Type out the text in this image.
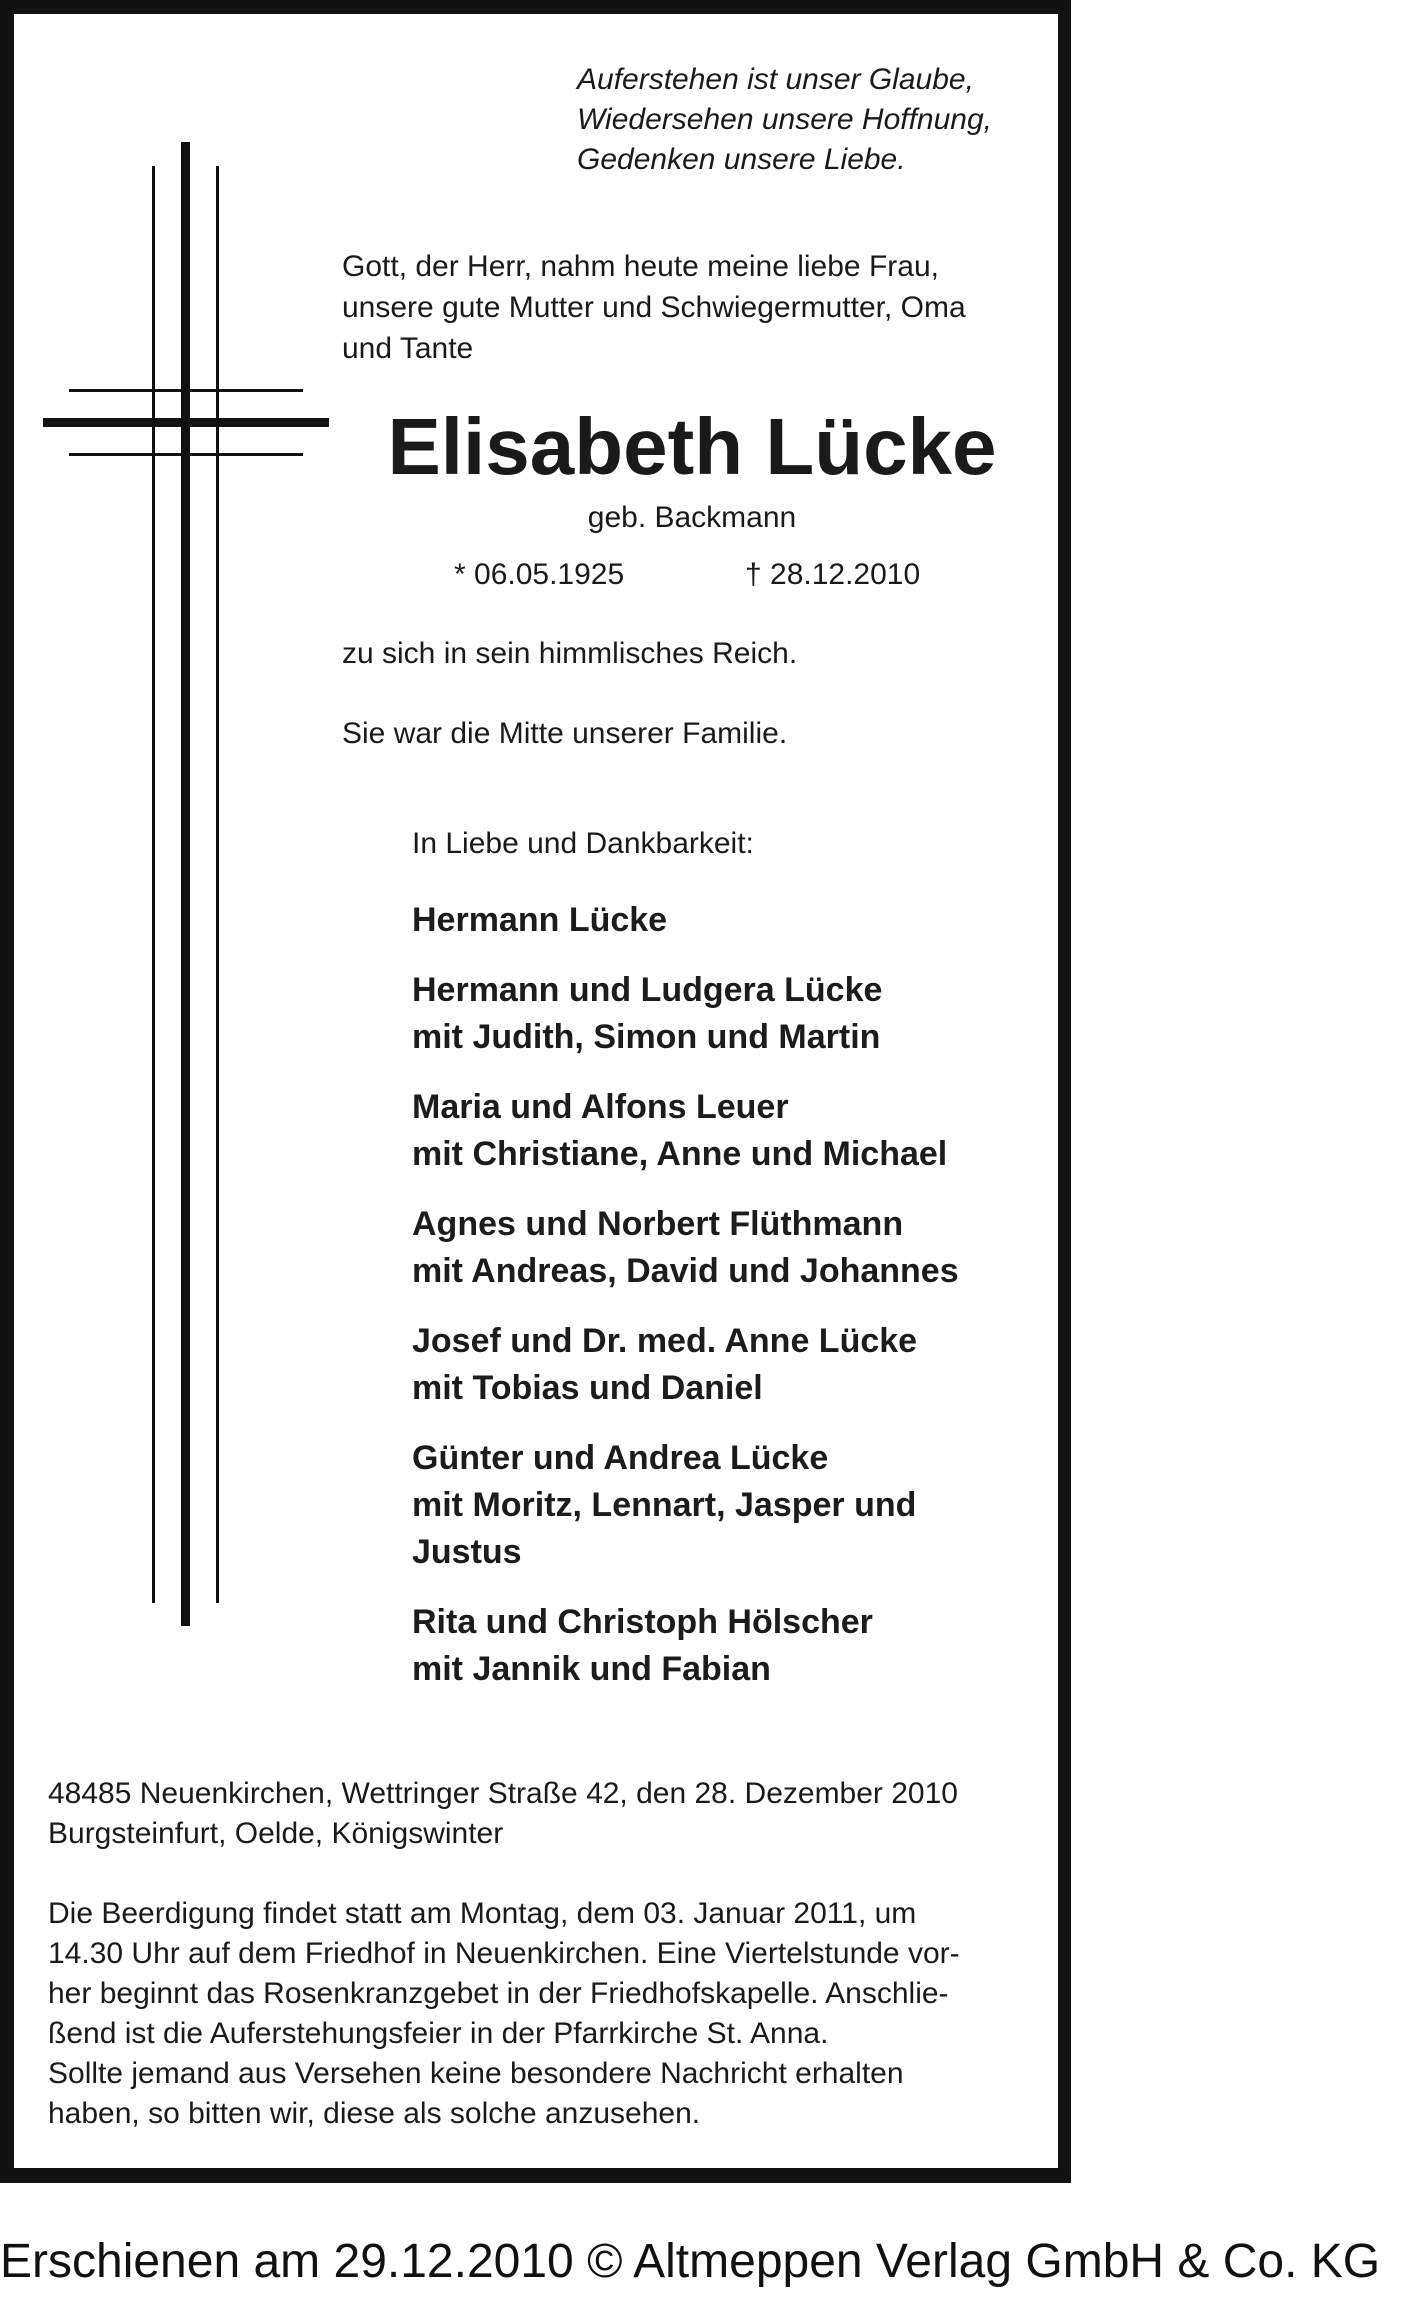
Auferstehen ist unser Glaube,
Wiedersehen unsere Hoffnung,
Gedenken unsere Liebe.
Gott, der Herr, nahm heute meine liebe Frau,
unsere gute Mutter und Schwiegermutter, Oma
und Tante
Elisabeth Lücke
geb. Backmann
* 06.05.1925	† 28.12.2010
zu sich in sein himmlisches Reich.
Sie war die Mitte unserer Familie.
In Liebe und Dankbarkeit:
Hermann Lücke
Hermann und Ludgera Lücke
mit Judith, Simon und Martin
Maria und Alfons Leuer
mit Christiane, Anne und Michael
Agnes und Norbert Flüthmann
mit Andreas, David und Johannes
Josef und Dr. med. Anne Lücke
mit Tobias und Daniel
Günter und Andrea Lücke
mit Moritz, Lennart, Jasper und
Justus
Rita und Christoph Hölscher
mit Jannik und Fabian
48485 Neuenkirchen, Wettringer Straße 42, den 28. Dezember 2010
Burgsteinfurt, Oelde, Königswinter
Die Beerdigung findet statt am Montag, dem 03. Januar 2011, um
14.30 Uhr auf dem Friedhof in Neuenkirchen. Eine Viertelstunde vor-
her beginnt das Rosenkranzgebet in der Friedhofskapelle. Anschlie-
ßend ist die Auferstehungsfeier in der Pfarrkirche St. Anna.
Sollte jemand aus Versehen keine besondere Nachricht erhalten
haben, so bitten wir, diese als solche anzusehen.
Erschienen am 29.12.2010 © Altmeppen Verlag GmbH & Co. KG
